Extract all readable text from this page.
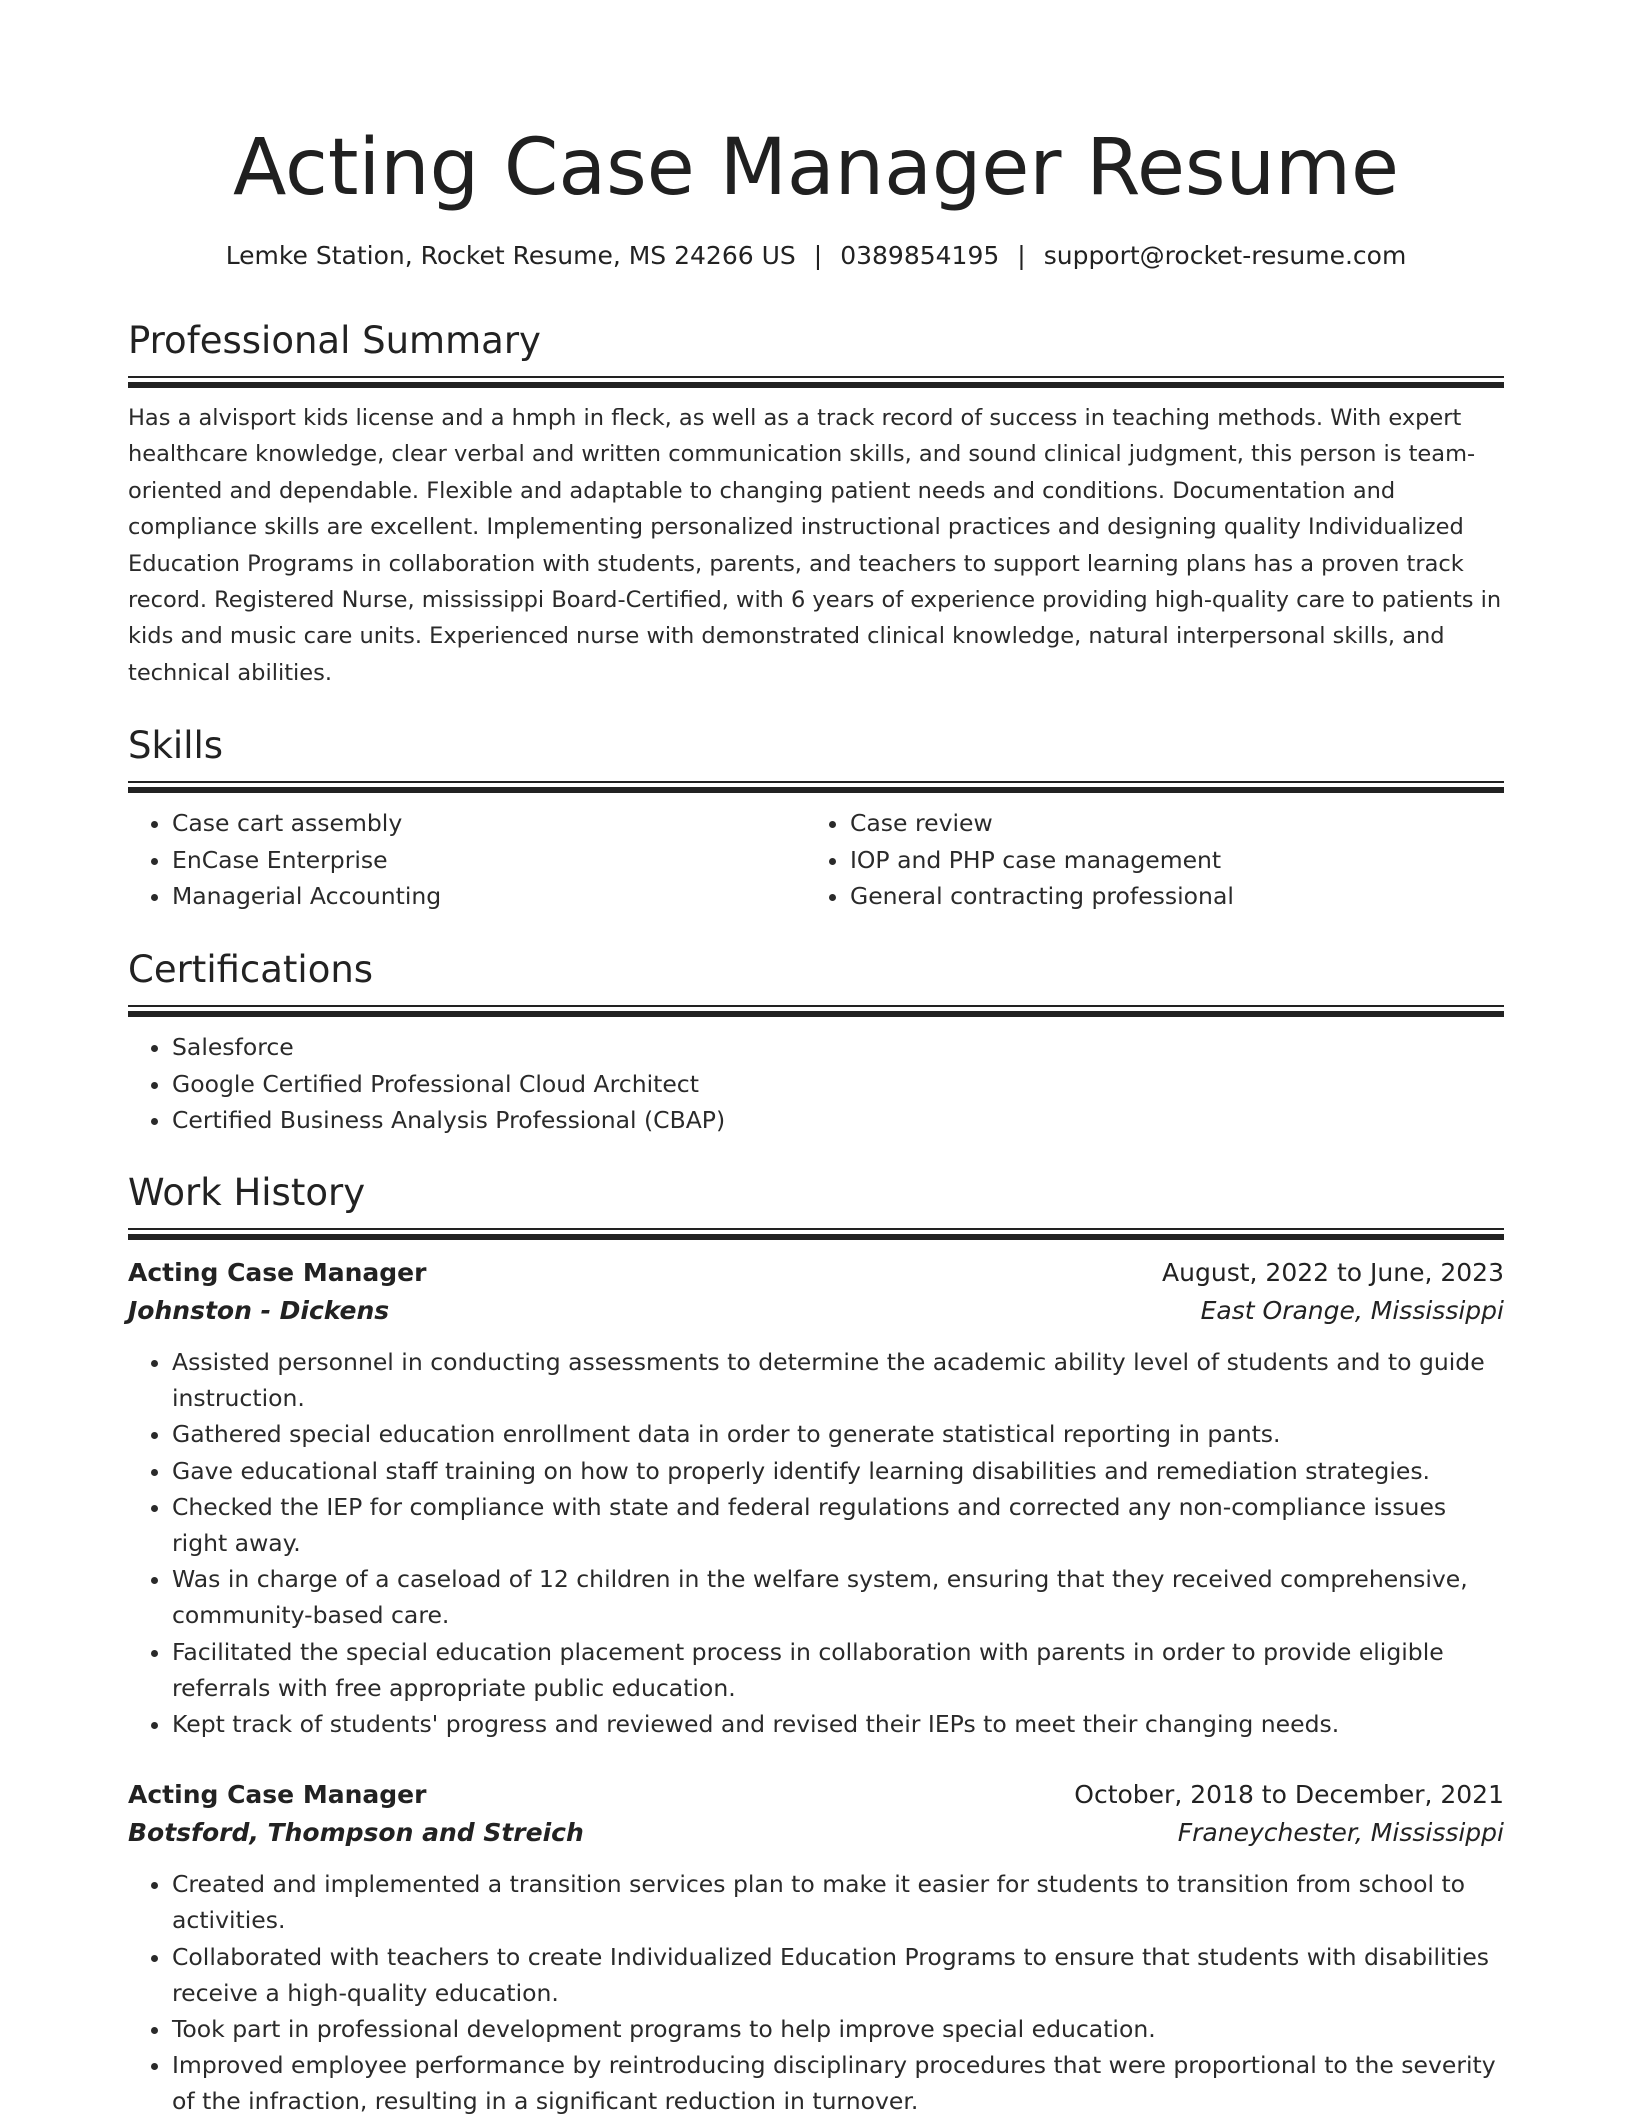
Acting Case Manager Resume
Lemke Station, Rocket Resume, MS 24266 US | 0389854195 | support@rocket-resume.com
Professional Summary
Has a alvisport kids license and a hmph in fleck, as well as a track record of success in teaching methods. With expert healthcare knowledge, clear verbal and written communication skills, and sound clinical judgment, this person is team-oriented and dependable. Flexible and adaptable to changing patient needs and conditions. Documentation and compliance skills are excellent. Implementing personalized instructional practices and designing quality Individualized Education Programs in collaboration with students, parents, and teachers to support learning plans has a proven track record. Registered Nurse, mississippi Board-Certified, with 6 years of experience providing high-quality care to patients in kids and music care units. Experienced nurse with demonstrated clinical knowledge, natural interpersonal skills, and technical abilities.
Skills
• Case cart assembly
• EnCase Enterprise
• Managerial Accounting
• Case review
• IOP and PHP case management
• General contracting professional
Certifications
• Salesforce
• Google Certified Professional Cloud Architect
• Certified Business Analysis Professional (CBAP)
Work History
Acting Case Manager	August, 2022 to June, 2023
Johnston - Dickens	East Orange, Mississippi
• Assisted personnel in conducting assessments to determine the academic ability level of students and to guide instruction.
• Gathered special education enrollment data in order to generate statistical reporting in pants.
• Gave educational staff training on how to properly identify learning disabilities and remediation strategies.
• Checked the IEP for compliance with state and federal regulations and corrected any non-compliance issues right away.
• Was in charge of a caseload of 12 children in the welfare system, ensuring that they received comprehensive, community-based care.
• Facilitated the special education placement process in collaboration with parents in order to provide eligible referrals with free appropriate public education.
• Kept track of students' progress and reviewed and revised their IEPs to meet their changing needs.
Acting Case Manager	October, 2018 to December, 2021
Botsford, Thompson and Streich	Franeychester, Mississippi
• Created and implemented a transition services plan to make it easier for students to transition from school to activities.
• Collaborated with teachers to create Individualized Education Programs to ensure that students with disabilities receive a high-quality education.
• Took part in professional development programs to help improve special education.
• Improved employee performance by reintroducing disciplinary procedures that were proportional to the severity of the infraction, resulting in a significant reduction in turnover.
